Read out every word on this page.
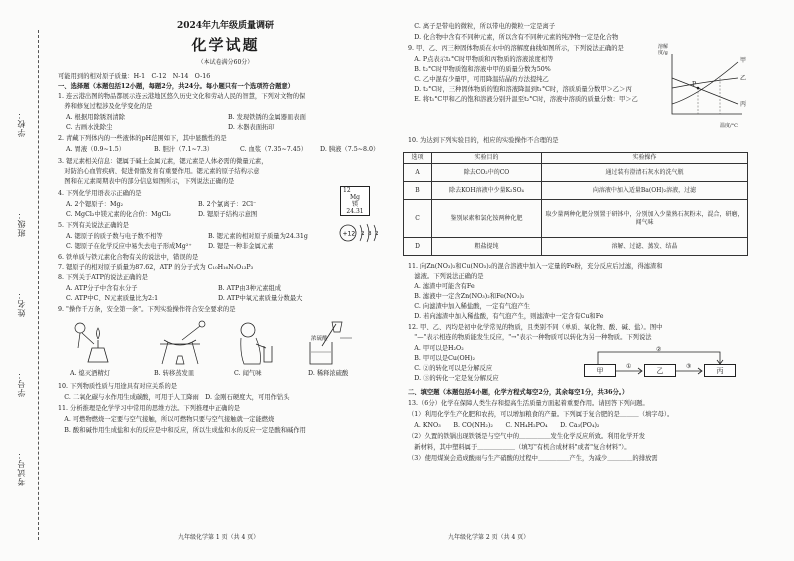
学校：
班级：
姓名：
学号：
考试号：
2024年九年级质量调研
化学试题
（本试卷满分60分）
可能用到的相对原子质量：H-1　C-12　N-14　O-16
一、选择题（本题包括12小题，每题2分，共24分。每小题只有一个选项符合题意）
1. 连云港出图的物品都展示连云港地区悠久历史文化和劳动人民的智慧，下列对文物的保
　养和修复过程涉及化学变化的是
A. 根据用除锈剂清除	B. 发现铁锈的金属器皿表面
C. 古画水洗除尘	D. 木器表面拓印
2. 青藏下列体内的一些液体的pH范围如下，其中显酸性的是
A. 胃液（0.9~1.5）	B. 胆汁（7.1~7.3）	C. 血浆（7.35~7.45） D. 胰液（7.5~8.0）
3. 锶元素相关信息：锶属于碱土金属元素，锶元素是人体必需的微量元素，
　对防治心血管疾病、促进骨骼发育有重要作用。锶元素的原子结构示意
　图和在元素周期表中的部分信息如图所示，下列说法正确的是
12
Mg
镁
24.31
+12 2 8 2
4. 下列化学用语表示正确的是
A. 2个锶原子：Mg₂	B. 2个氯离子：2Cl⁻
C. MgCl₂中镁元素的化合价：MgCl₂	D. 锶原子结构示意图
5. 下列有关说法正确的是
A. 锶原子的质子数与电子数不相等	B. 锶元素的相对原子质量为24.31g
C. 锶原子在化学反应中易失去电子形成Mg²⁺	D. 锶是一种非金属元素
6. 铁单质与铁元素化合物有关的说法中，错误的是
7. 锶原子的相对原子质量为87.62，ATP 的分子式为 C₁₀H₁₆N₅O₁₃P₃
8. 下列关于ATP的说法正确的是
A. ATP分子中含有水分子	B. ATP由3种元素组成
C. ATP中C、N元素质量比为2:1	D. ATP中氧元素质量分数最大
9. "操作千万条，安全第一条"。下列实验操作符合安全要求的是
浓硫酸
A. 熄灭酒精灯	B. 转移蒸发皿	C. 闻气味	D. 稀释浓硫酸
10. 下列物质性质与用途具有对应关系的是
　C. 二氧化碳与水作用生成碳酸，可用于人工降雨　D. 金刚石硬度大，可用作钻头
11. 分析推理是化学学习中常用的思维方法。下列推理中正确的是
　A. 可燃物燃烧一定要与空气接触，所以可燃物只要与空气接触就一定能燃烧
　B. 酸和碱作用生成盐和水的反应是中和反应，所以生成盐和水的反应一定是酸和碱作用
九年级化学第 1 页（共 4 页）
　C. 离子是带电的微粒，所以带电的微粒一定是离子
　D. 化合物中含有不同种元素，所以含有不同种元素的纯净物一定是化合物
9. 甲、乙、丙三种固体物质在水中的溶解度曲线如图所示，下列说法正确的是
　A. P点表示t₁°C时甲物质和丙物质的溶液浓度相等
　B. t₂°C时甲物质饱和溶液中甲的质量分数为50%
　C. 乙中混有少量甲，可用降温结晶的方法提纯乙
　D. t₂°C时，三种固体物质的饱和溶液降温到t₁°C时，溶质质量分数甲＞乙＞丙
　E. 将t₁°C甲和乙的饱和溶液分别升温至t₂°C时，溶液中溶质的质量分数：甲＞乙
溶解度/g
温度/°C
甲
乙
丙
P
10. 为达到下列实验目的，相应的实验操作不合理的是
选项	实验目的	实验操作
A	除去CO₂中的CO	通过装有澄清石灰水的洗气瓶
B	除去KOH溶液中少量K₂SO₄	向溶液中加入适量Ba(OH)₂溶液，过滤
C	鉴别尿素和氯化铵两种化肥	取少量两种化肥分别置于研钵中，分别加入少量熟石灰粉末，混合，研磨，闻气味
D	粗盐提纯	溶解、过滤、蒸发、结晶
11. 向Zn(NO₃)₂和Cu(NO₃)₂的混合溶液中加入一定量的Fe粉，充分反应后过滤，得滤渣和
　滤液。下列说法正确的是
　A. 滤渣中可能含有Fe
　B. 滤液中一定含Zn(NO₃)₂和Fe(NO₃)₂
　C. 向滤渣中加入稀盐酸，一定有气泡产生
　D. 若向滤渣中加入稀盐酸，有气泡产生，则滤渣中一定含有Cu和Fe
12. 甲、乙、丙均是初中化学常见的物质，且类别不同（单质、氧化物、酸、碱、盐）。图中
　"—"表示相连的物质能发生反应，"→"表示一种物质可以转化为另一种物质。下列说法
　A. 甲可以是H₂O₂
　B. 甲可以是Cu(OH)₂
　C. ②的转化可以是分解反应
　D. ③的转化一定是复分解反应
甲	乙	丙
①
②
③
二、填空题（本题包括4小题，化学方程式每空2分，其余每空1分，共36分。）
13.（6分）化学在保障人类生存和提高生活质量方面起着重要作用。请回答下列问题。
（1）利用化学生产化肥和农药，可以增加粮食的产量。下列属于复合肥的是＿＿＿（填字母）。
　A. KNO₃　　B. CO(NH₂)₂　　C. NH₄H₂PO₄　　D. Ca₃(PO₄)₂
（2）久置的铁锅出现铁锈是与空气中的＿＿＿＿＿发生化学反应所致。利用化学开发
　新材料，其中塑料属于＿＿＿＿＿＿（填写"有机合成材料"或者"复合材料"）。
（3）使用煤炭会造成酸雨与生产硝酸的过程中＿＿＿＿＿产生，为减少＿＿＿＿的排放需
九年级化学第 2 页（共 4 页）
